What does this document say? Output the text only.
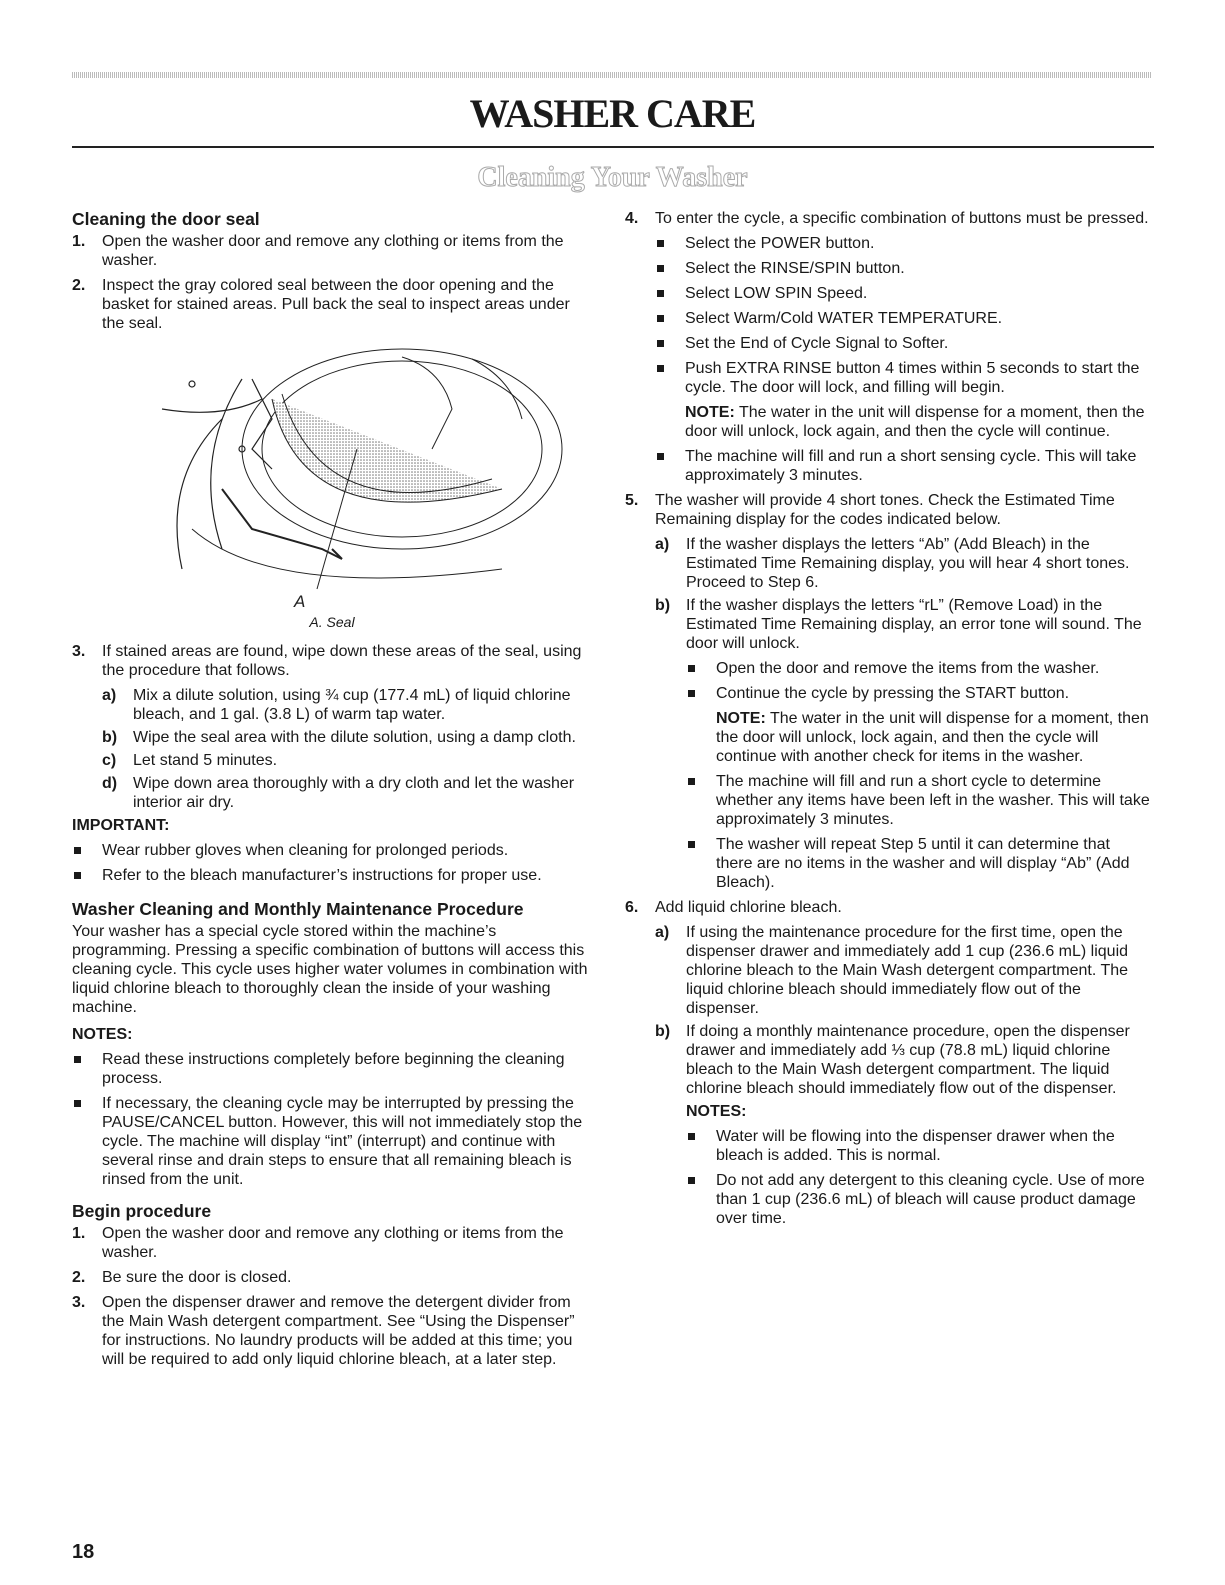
WASHER CARE
Cleaning Your Washer
Cleaning the door seal
1.	Open the washer door and remove any clothing or items from the washer.
2.	Inspect the gray colored seal between the door opening and the basket for stained areas. Pull back the seal to inspect areas under the seal.
A
A. Seal
3.	If stained areas are found, wipe down these areas of the seal, using the procedure that follows.
a)	Mix a dilute solution, using ¾ cup (177.4 mL) of liquid chlorine bleach, and 1 gal. (3.8 L) of warm tap water.
b) Wipe the seal area with the dilute solution, using a damp cloth.
c)	Let stand 5 minutes.
d) Wipe down area thoroughly with a dry cloth and let the washer interior air dry.
IMPORTANT:
Wear rubber gloves when cleaning for prolonged periods.
Refer to the bleach manufacturer’s instructions for proper use.
Washer Cleaning and Monthly Maintenance Procedure

Your washer has a special cycle stored within the machine’s programming. Pressing a specific combination of buttons will access this cleaning cycle. This cycle uses higher water volumes in combination with liquid chlorine bleach to thoroughly clean the inside of your washing machine.

NOTES:
Read these instructions completely before beginning the cleaning process.
If necessary, the cleaning cycle may be interrupted by pressing the PAUSE/CANCEL button. However, this will not immediately stop the cycle. The machine will display “int” (interrupt) and continue with several rinse and drain steps to ensure that all remaining bleach is rinsed from the unit.
Begin procedure
1.	Open the washer door and remove any clothing or items from the washer.
2.	Be sure the door is closed.
3.	Open the dispenser drawer and remove the detergent divider from the Main Wash detergent compartment. See “Using the Dispenser” for instructions. No laundry products will be added at this time; you will be required to add only liquid chlorine bleach, at a later step.
4.	To enter the cycle, a specific combination of buttons must be pressed.
Select the POWER button.
Select the RINSE/SPIN button.
Select LOW SPIN Speed.
Select Warm/Cold WATER TEMPERATURE.
Set the End of Cycle Signal to Softer.
Push EXTRA RINSE button 4 times within 5 seconds to start the cycle. The door will lock, and filling will begin.
NOTE: The water in the unit will dispense for a moment, then the door will unlock, lock again, and then the cycle will continue.
The machine will fill and run a short sensing cycle. This will take approximately 3 minutes.
5.	The washer will provide 4 short tones. Check the Estimated Time Remaining display for the codes indicated below.
a)	If the washer displays the letters “Ab” (Add Bleach) in the Estimated Time Remaining display, you will hear 4 short tones. Proceed to Step 6.
b) If the washer displays the letters “rL” (Remove Load) in the Estimated Time Remaining display, an error tone will sound. The door will unlock.
Open the door and remove the items from the washer.
Continue the cycle by pressing the START button.
NOTE: The water in the unit will dispense for a moment, then the door will unlock, lock again, and then the cycle will continue with another check for items in the washer.
The machine will fill and run a short cycle to determine whether any items have been left in the washer. This will take approximately 3 minutes.
The washer will repeat Step 5 until it can determine that there are no items in the washer and will display “Ab” (Add Bleach).
6.	Add liquid chlorine bleach.
a)	If using the maintenance procedure for the first time, open the dispenser drawer and immediately add 1 cup (236.6 mL) liquid chlorine bleach to the Main Wash detergent compartment. The liquid chlorine bleach should immediately flow out of the dispenser.
b) If doing a monthly maintenance procedure, open the dispenser drawer and immediately add ⅓ cup (78.8 mL) liquid chlorine bleach to the Main Wash detergent compartment. The liquid chlorine bleach should immediately flow out of the dispenser.
NOTES:
Water will be flowing into the dispenser drawer when the bleach is added. This is normal.
Do not add any detergent to this cleaning cycle. Use of more than 1 cup (236.6 mL) of bleach will cause product damage over time.
18
